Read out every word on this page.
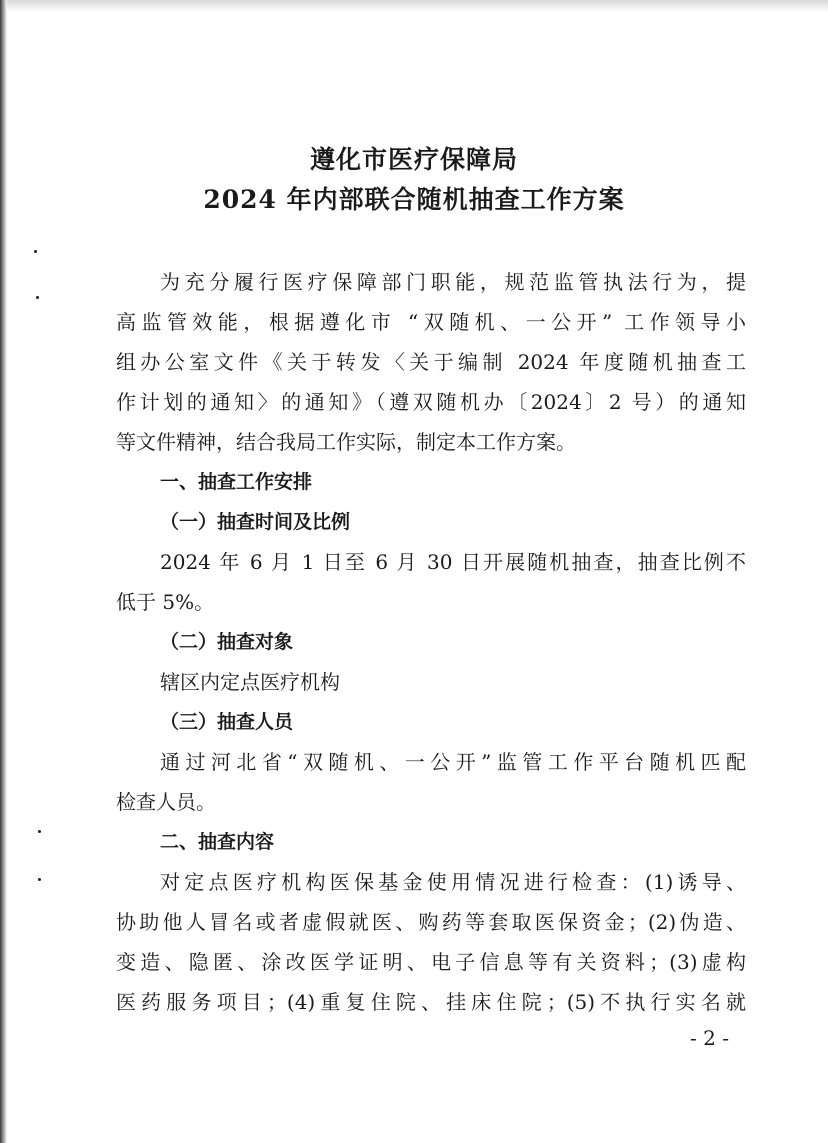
遵化市医疗保障局
2024 年内部联合随机抽查工作方案
为充分履行医疗保障部门职能，规范监管执法行为，提
高监管效能，根据遵化市 “双随机、一公开” 工作领导小
组办公室文件《关于转发〈关于编制 2024 年度随机抽查工
作计划的通知〉的通知》（遵双随机办〔2024〕2 号）的通知
等文件精神，结合我局工作实际，制定本工作方案。
一、抽查工作安排
（一）抽查时间及比例
2024 年 6 月 1 日至 6 月 30 日开展随机抽查，抽查比例不
低于 5%。
（二）抽查对象
辖区内定点医疗机构
（三）抽查人员
通过河北省“双随机、一公开”监管工作平台随机匹配
检查人员。
二、抽查内容
对定点医疗机构医保基金使用情况进行检查：(1)诱导、
协助他人冒名或者虚假就医、购药等套取医保资金；(2)伪造、
变造、隐匿、涂改医学证明、电子信息等有关资料；(3)虚构
医药服务项目；(4)重复住院、挂床住院；(5)不执行实名就
- 2 -
